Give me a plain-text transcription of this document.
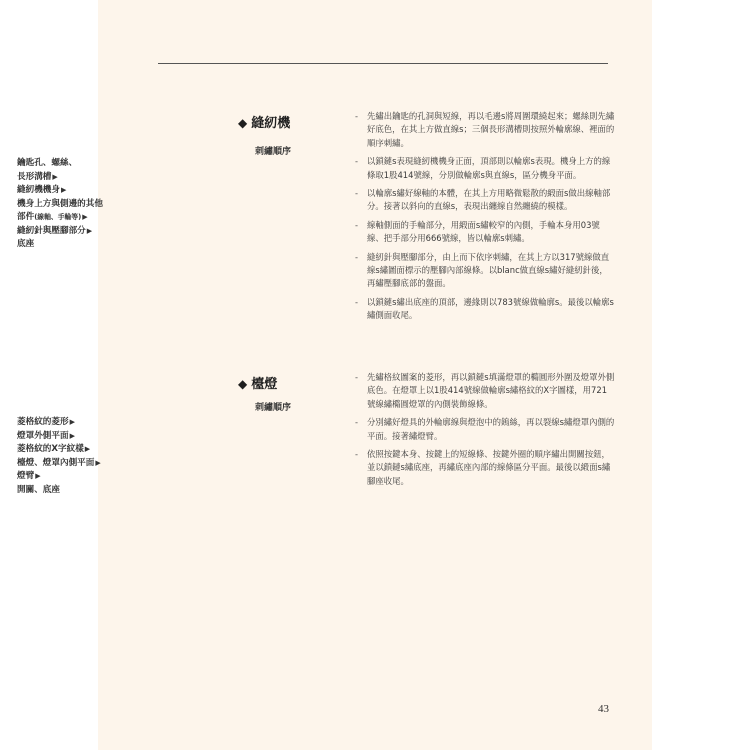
◆ 縫紉機
刺繡順序
鑰匙孔、螺絲、
長形溝槽▶
縫紉機機身▶
機身上方與側邊的其他
部件(線軸、手輪等)▶
縫紉針與壓腳部分▶
底座
- 先繡出鑰匙的孔洞與短線，再以毛邊s將周圍環繞起來；螺絲則先繡好底色，在其上方做直線s；三個長形溝槽則按照外輪廓線、裡面的順序刺繡。
- 以鎖鏈s表現縫紉機機身正面，頂部則以輪廓s表現。機身上方的線條取1股414號線，分別做輪廓s與直線s，區分機身平面。
- 以輪廓s繡好線軸的本體，在其上方用略微鬆散的緞面s做出線軸部分。接著以斜向的直線s，表現出纏線自然纏繞的模樣。
- 線軸側面的手輪部分，用緞面s繡較窄的內側，手輪本身用03號線、把手部分用666號線，皆以輪廓s刺繡。
- 縫紉針與壓腳部分，由上而下依序刺繡，在其上方以317號線做直線s繡圖面標示的壓腳內部線條。以blanc做直線s繡好縫紉針後，再繡壓腳底部的盤面。
- 以鎖鏈s繡出底座的頂部，邊緣則以783號線做輪廓s。最後以輪廓s繡側面收尾。
◆ 檯燈
刺繡順序
菱格紋的菱形▶
燈罩外側平面▶
菱格紋的X字紋樣▶
檯燈、燈罩內側平面▶
燈臂▶
開關、底座
- 先繡格紋圖案的菱形，再以鎖鏈s填滿燈罩的橢圓形外圍及燈罩外側底色。在燈罩上以1股414號線做輪廓s繡格紋的X字圖樣，用721號線繡橢圓燈罩的內側裝飾線條。
- 分別繡好燈具的外輪廓線與燈泡中的鎢絲，再以裂線s繡燈罩內側的平面。接著繡燈臂。
- 依照按鍵本身、按鍵上的短線條、按鍵外圈的順序繡出開關按鈕，並以鎖鏈s繡底座，再繡底座內部的線條區分平面。最後以緞面s繡腳座收尾。
43
